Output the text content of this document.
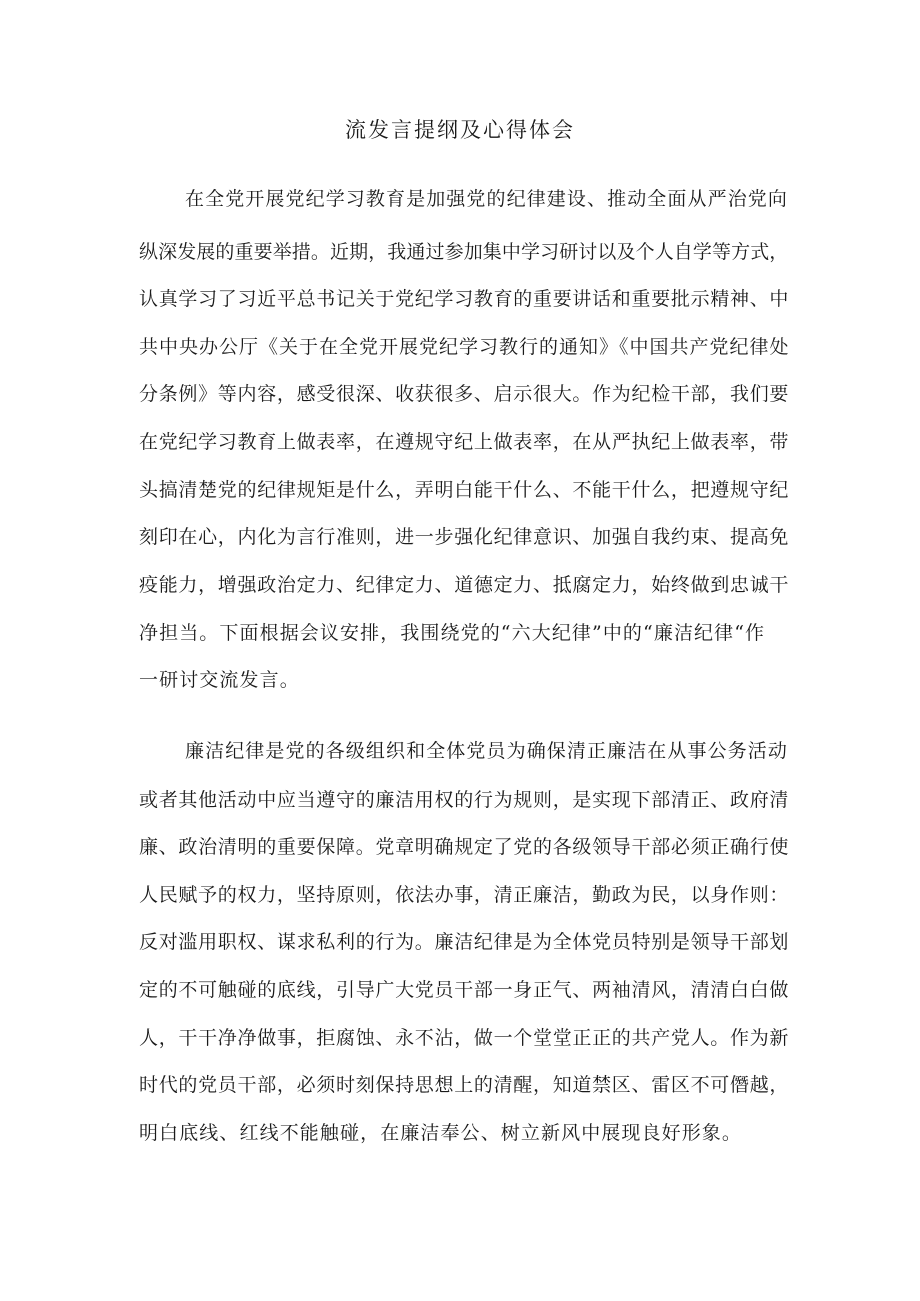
流发言提纲及心得体会
在全党开展党纪学习教育是加强党的纪律建设、推动全面从严治党向
纵深发展的重要举措。近期，我通过参加集中学习研讨以及个人自学等方式，
认真学习了习近平总书记关于党纪学习教育的重要讲话和重要批示精神、中
共中央办公厅《关于在全党开展党纪学习教行的通知》《中国共产党纪律处
分条例》等内容，感受很深、收获很多、启示很大。作为纪检干部，我们要
在党纪学习教育上做表率，在遵规守纪上做表率，在从严执纪上做表率，带
头搞清楚党的纪律规矩是什么，弄明白能干什么、不能干什么，把遵规守纪
刻印在心，内化为言行准则，进一步强化纪律意识、加强自我约束、提高免
疫能力，增强政治定力、纪律定力、道德定力、抵腐定力，始终做到忠诚干
净担当。下面根据会议安排，我围绕党的“六大纪律”中的“廉洁纪律“作
一研讨交流发言。
廉洁纪律是党的各级组织和全体党员为确保清正廉洁在从事公务活动
或者其他活动中应当遵守的廉洁用权的行为规则，是实现下部清正、政府清
廉、政治清明的重要保障。党章明确规定了党的各级领导干部必须正确行使
人民赋予的权力，坚持原则，依法办事，清正廉洁，勤政为民，以身作则：
反对滥用职权、谋求私利的行为。廉洁纪律是为全体党员特别是领导干部划
定的不可触碰的底线，引导广大党员干部一身正气、两袖清风，清清白白做
人，干干净净做事，拒腐蚀、永不沾，做一个堂堂正正的共产党人。作为新
时代的党员干部，必须时刻保持思想上的清醒，知道禁区、雷区不可僭越，
明白底线、红线不能触碰，在廉洁奉公、树立新风中展现良好形象。
